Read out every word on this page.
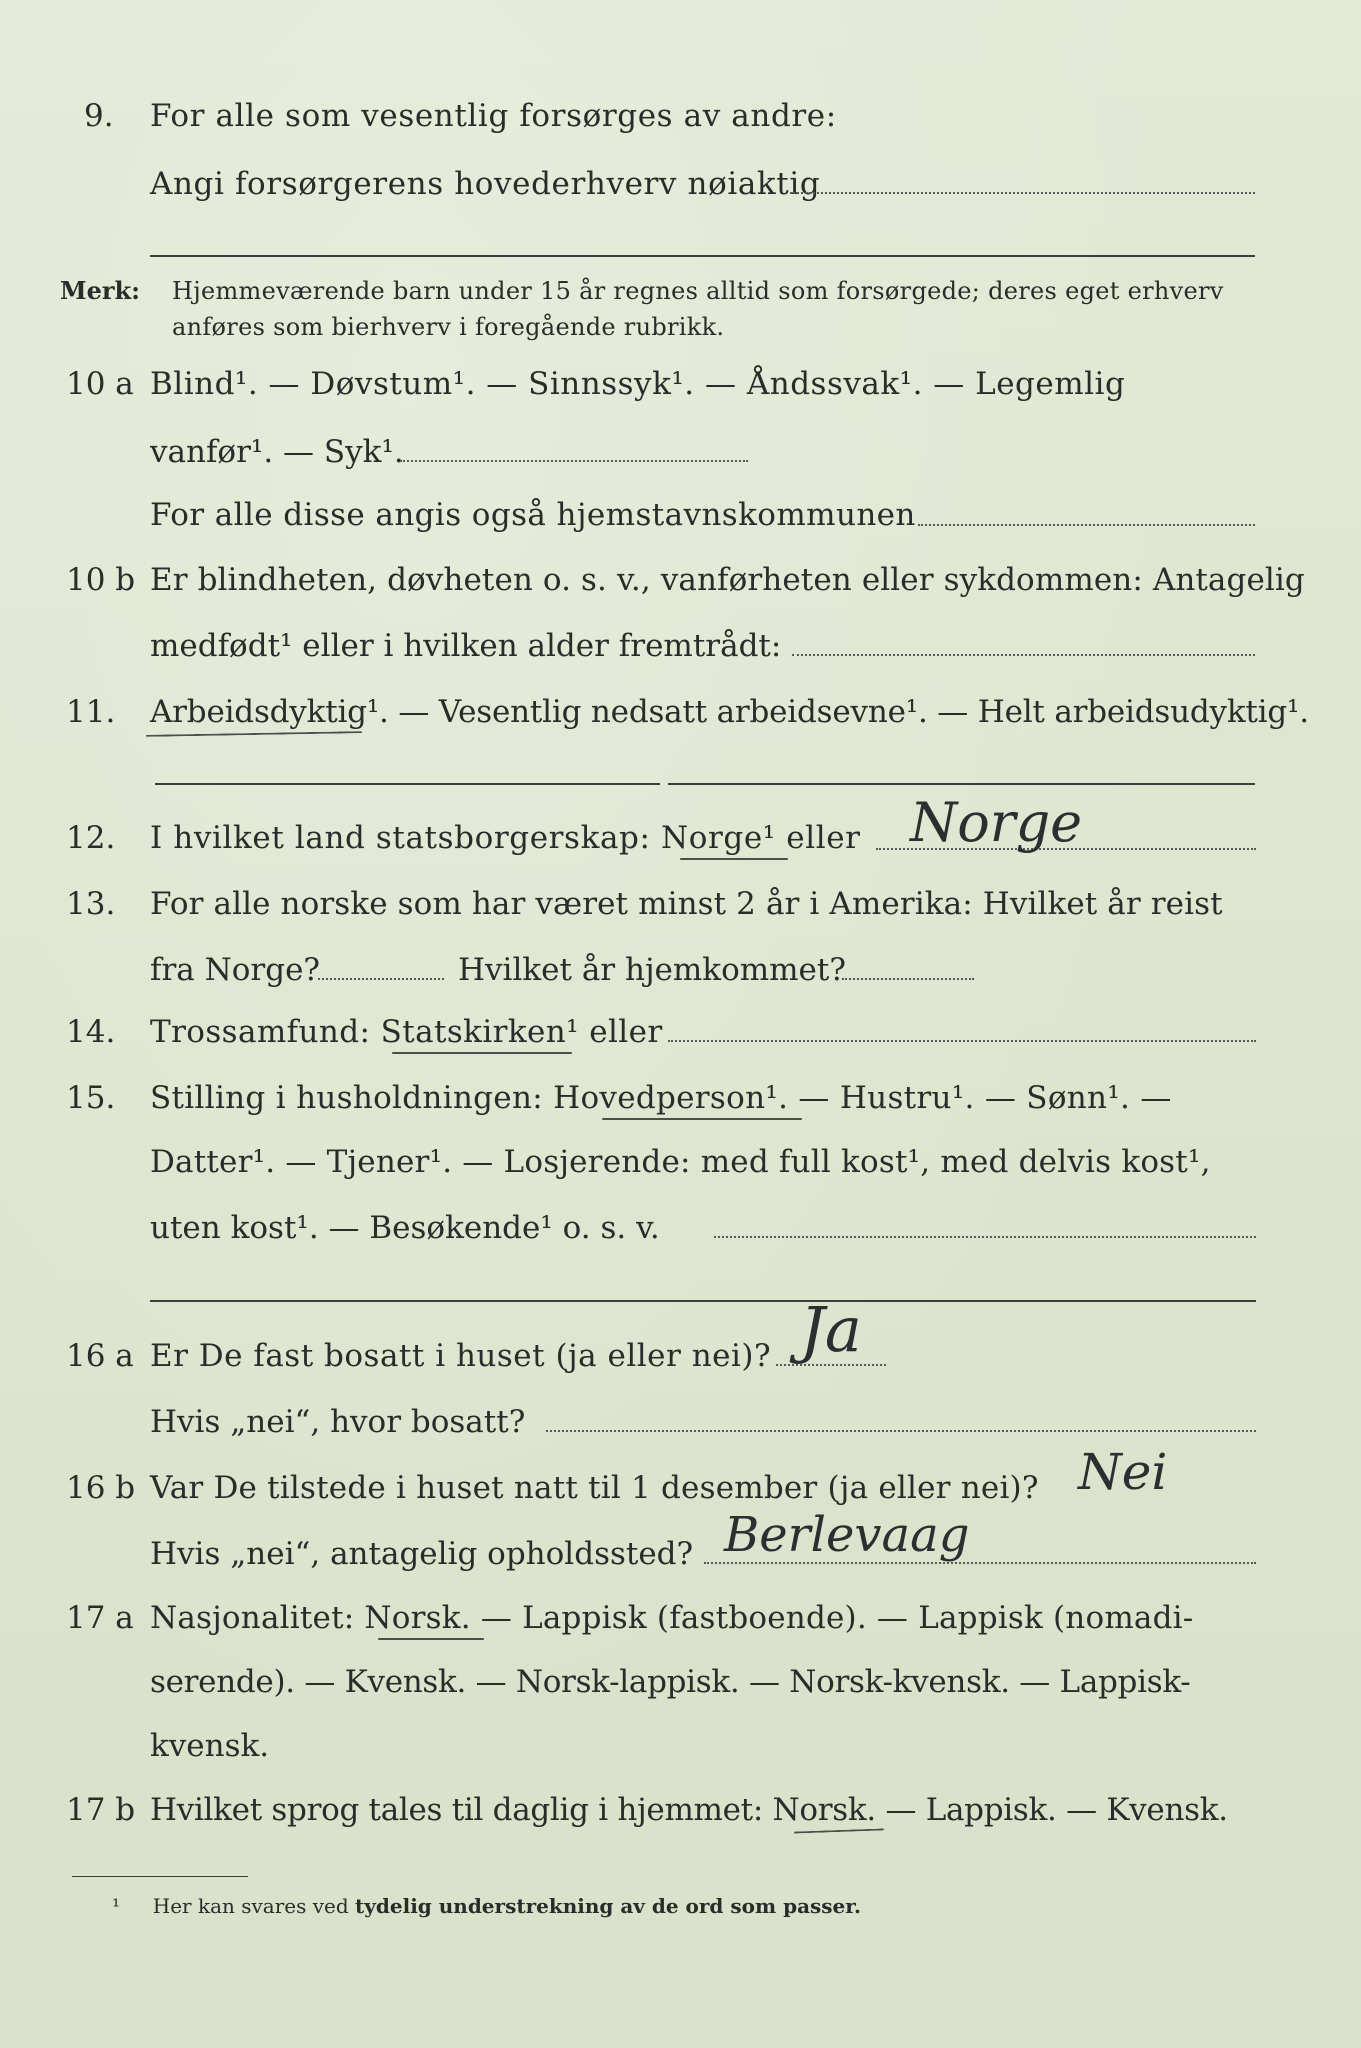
9. For alle som vesentlig forsørges av andre:
Angi forsørgerens hovederhverv nøiaktig
Merk: Hjemmeværende barn under 15 år regnes alltid som forsørgede; deres eget erhverv
anføres som bierhverv i foregående rubrikk.
10 a Blind¹. — Døvstum¹. — Sinnssyk¹. — Åndssvak¹. — Legemlig
vanfør¹. — Syk¹.
For alle disse angis også hjemstavnskommunen
10 b Er blindheten, døvheten o. s. v., vanførheten eller sykdommen: Antagelig
medfødt¹ eller i hvilken alder fremtrådt:
11. Arbeidsdyktig¹. — Vesentlig nedsatt arbeidsevne¹. — Helt arbeidsudyktig¹.
12. I hvilket land statsborgerskap: Norge¹ eller Norge
13. For alle norske som har været minst 2 år i Amerika: Hvilket år reist
fra Norge?	Hvilket år hjemkommet?
14. Trossamfund: Statskirken¹ eller
15. Stilling i husholdningen: Hovedperson¹. — Hustru¹. — Sønn¹. —
Datter¹. — Tjener¹. — Losjerende: med full kost¹, med delvis kost¹,
uten kost¹. — Besøkende¹ o. s. v.
16 a Er De fast bosatt i huset (ja eller nei)? Ja
Hvis „nei“, hvor bosatt?
16 b Var De tilstede i huset natt til 1 desember (ja eller nei)? Nei
Hvis „nei“, antagelig opholdssted? Berlevaag
17 a Nasjonalitet: Norsk. — Lappisk (fastboende). — Lappisk (nomadi-
serende). — Kvensk. — Norsk-lappisk. — Norsk-kvensk. — Lappisk-
kvensk.
17 b Hvilket sprog tales til daglig i hjemmet: Norsk. — Lappisk. — Kvensk.
¹ Her kan svares ved tydelig understrekning av de ord som passer.
